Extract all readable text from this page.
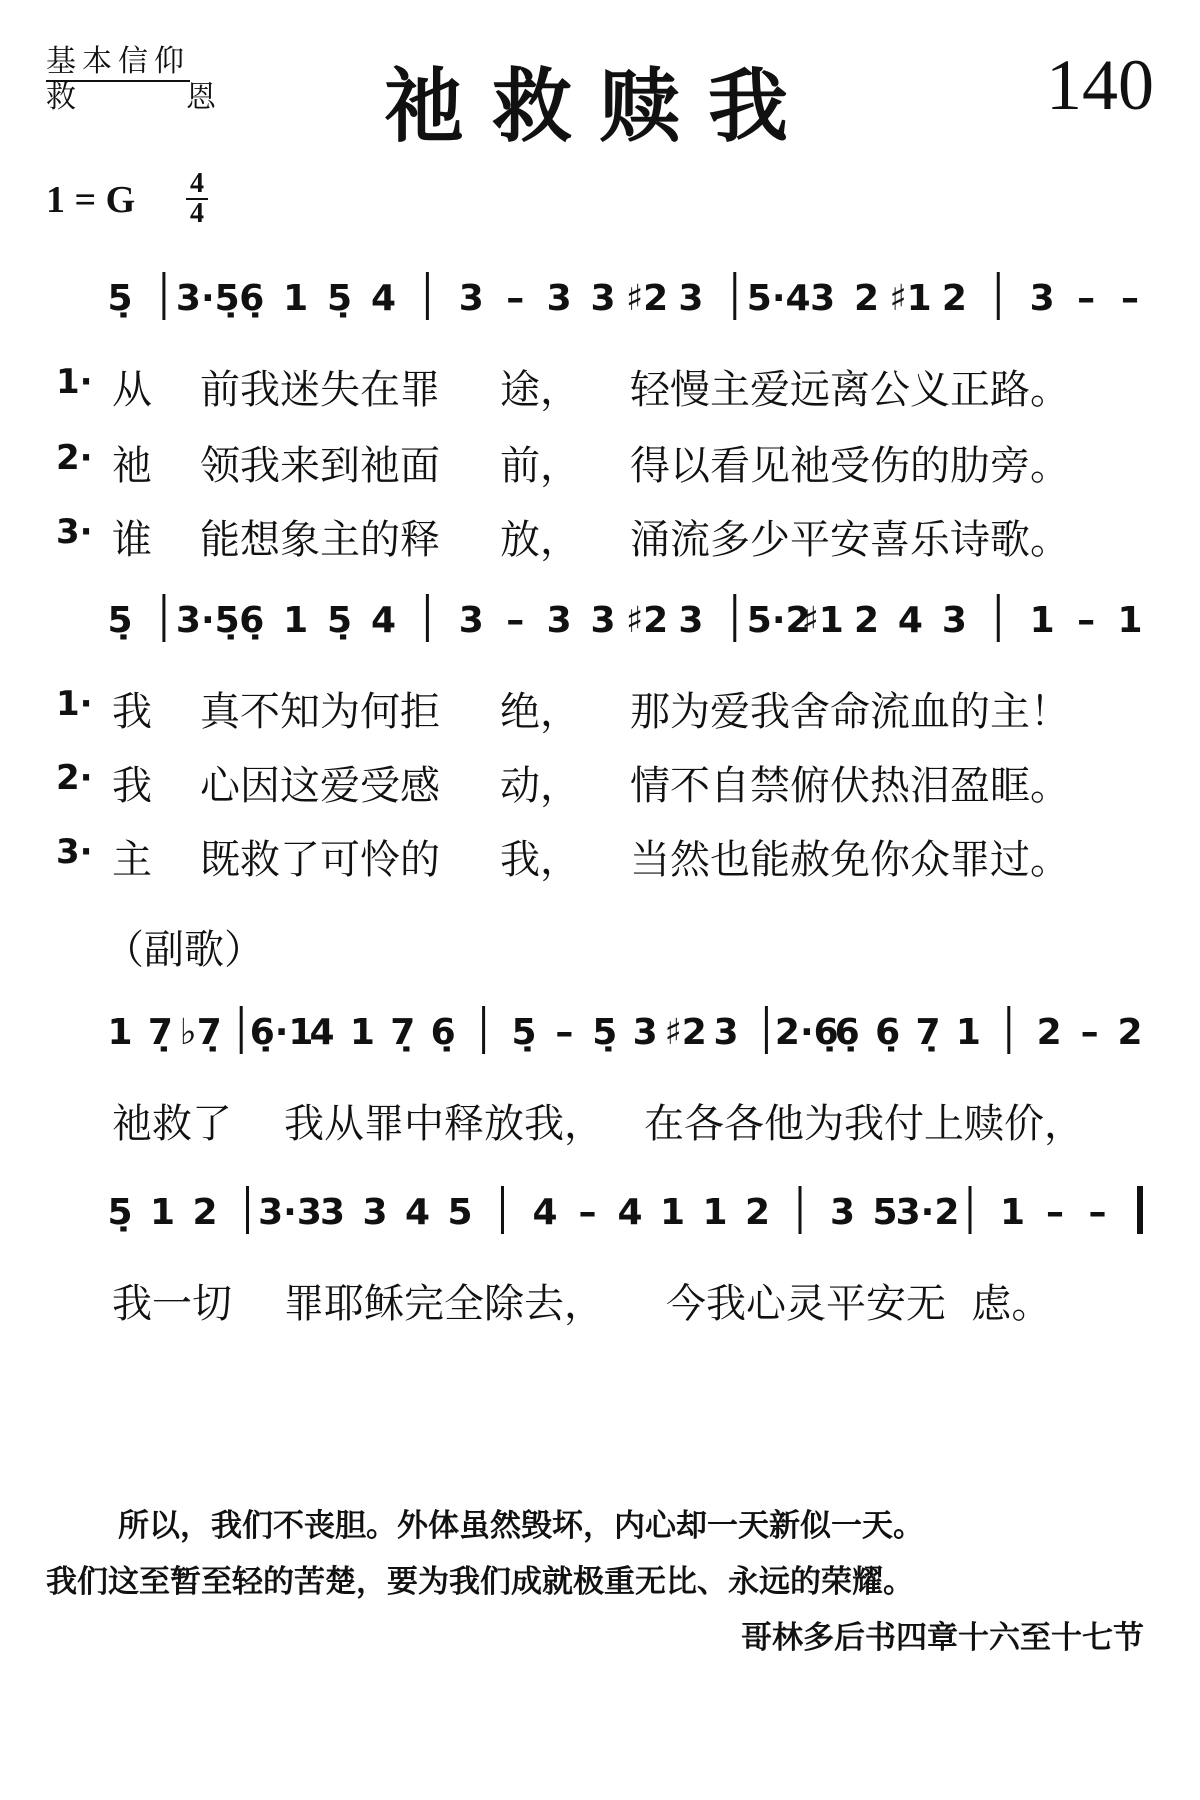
基本信仰
救	恩	祂救赎我	140
1 = G 4
4
5̣ 3·5̣ 6̣ 1 5̣ 4 3 – 3 3 ♯2 3 5·4 3 2 ♯1 2 3 – –
5̣ 3·5̣ 6̣ 1 5̣ 4 3 – 3 3 ♯2 3 5·2
♯1 2 4 3 1 – 1
1 7̣ ♭7̣ 6̣·1
4 1 7̣ 6̣ 5̣ – 5̣ 3 ♯2 3 2·6̣
6̣ 6̣ 7̣ 1 2 – 2
5̣ 1 2 3·3
3 3 4 5 4 – 4 1 1 2 3 5
3·2 1 – –
1· 从 前我迷失在罪 途， 轻慢主爱远离公义正路。
2· 祂 领我来到祂面 前， 得以看见祂受伤的肋旁。
3· 谁 能想象主的释 放， 涌流多少平安喜乐诗歌。
1· 我 真不知为何拒 绝， 那为爱我舍命流血的主！
2· 我 心因这爱受感 动， 情不自禁俯伏热泪盈眶。
3· 主 既救了可怜的 我， 当然也能赦免你众罪过。
（副歌）
祂救了 我从罪中释放我， 在各各他为我付上赎价，
我一切 罪耶稣完全除去， 今我心灵平安无  虑。
所以，我们不丧胆。外体虽然毁坏，内心却一天新似一天。
我们这至暂至轻的苦楚，要为我们成就极重无比、永远的荣耀。
哥林多后书四章十六至十七节
